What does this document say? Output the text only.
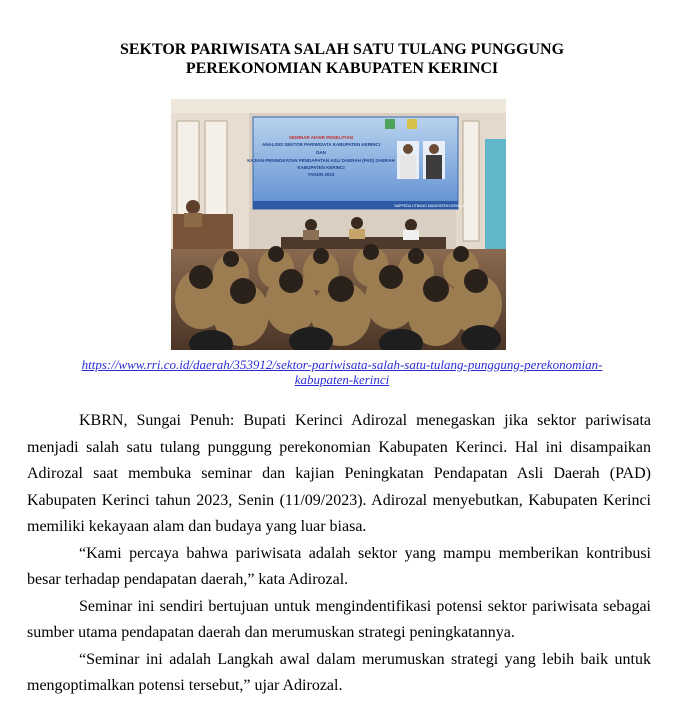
SEKTOR PARIWISATA SALAH SATU TULANG PUNGGUNG
PEREKONOMIAN KABUPATEN KERINCI
SEMINAR AKHIR PENELITIAN
ANALISIS SEKTOR PARIWISATA KABUPATEN KERINCI
DAN
KAJIAN PENINGKATAN PENDAPATAN ASLI DAERAH (PAD) DAERAH
KABUPATEN KERINCI
TAHUN 2023
BAPPEDA LITBANG KABUPATEN KERINCI
https://www.rri.co.id/daerah/353912/sektor-pariwisata-salah-satu-tulang-punggung-perekonomian-
kabupaten-kerinci

KBRN, Sungai Penuh: Bupati Kerinci Adirozal menegaskan jika sektor pariwisata menjadi salah satu tulang punggung perekonomian Kabupaten Kerinci. Hal ini disampaikan Adirozal saat membuka seminar dan kajian Peningkatan Pendapatan Asli Daerah (PAD) Kabupaten Kerinci tahun 2023, Senin (11/09/2023). Adirozal menyebutkan, Kabupaten Kerinci memiliki kekayaan alam dan budaya yang luar biasa.

“Kami percaya bahwa pariwisata adalah sektor yang mampu memberikan kontribusi besar terhadap pendapatan daerah,” kata Adirozal.

Seminar ini sendiri bertujuan untuk mengindentifikasi potensi sektor pariwisata sebagai sumber utama pendapatan daerah dan merumuskan strategi peningkatannya.

“Seminar ini adalah Langkah awal dalam merumuskan strategi yang lebih baik untuk mengoptimalkan potensi tersebut,” ujar Adirozal.
